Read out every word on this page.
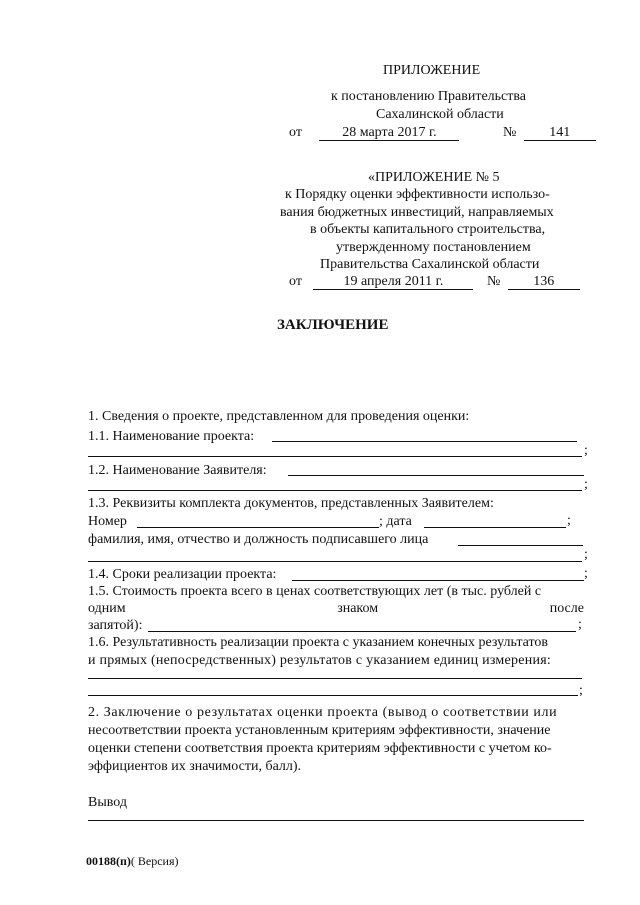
ПРИЛОЖЕНИЕ
к постановлению Правительства
Сахалинской области
от	28 марта 2017 г.	№ 141
«ПРИЛОЖЕНИЕ № 5
к Порядку оценки эффективности использо-
вания бюджетных инвестиций, направляемых
в объекты капитального строительства,
утвержденному постановлением
Правительства Сахалинской области
от	19 апреля 2011 г.	№ 136
ЗАКЛЮЧЕНИЕ
1. Сведения о проекте, представленном для проведения оценки:
1.1. Наименование проекта:
;
1.2. Наименование Заявителя:
;
1.3. Реквизиты комплекта документов, представленных Заявителем:
Номер	; дата	;
фамилия, имя, отчество и должность подписавшего лица
;
1.4. Сроки реализации проекта:	;
1.5. Стоимость проекта всего в ценах соответствующих лет (в тыс. рублей с
одним	знаком	после
запятой):	;
1.6. Результативность реализации проекта с указанием конечных результатов
и прямых (непосредственных) результатов с указанием единиц измерения:
;
2. Заключение о результатах оценки проекта (вывод о соответствии или
несоответствии проекта установленным критериям эффективности, значение
оценки степени соответствия проекта критериям эффективности с учетом ко-
эффициентов их значимости, балл).
Вывод
00188(п)( Версия)
